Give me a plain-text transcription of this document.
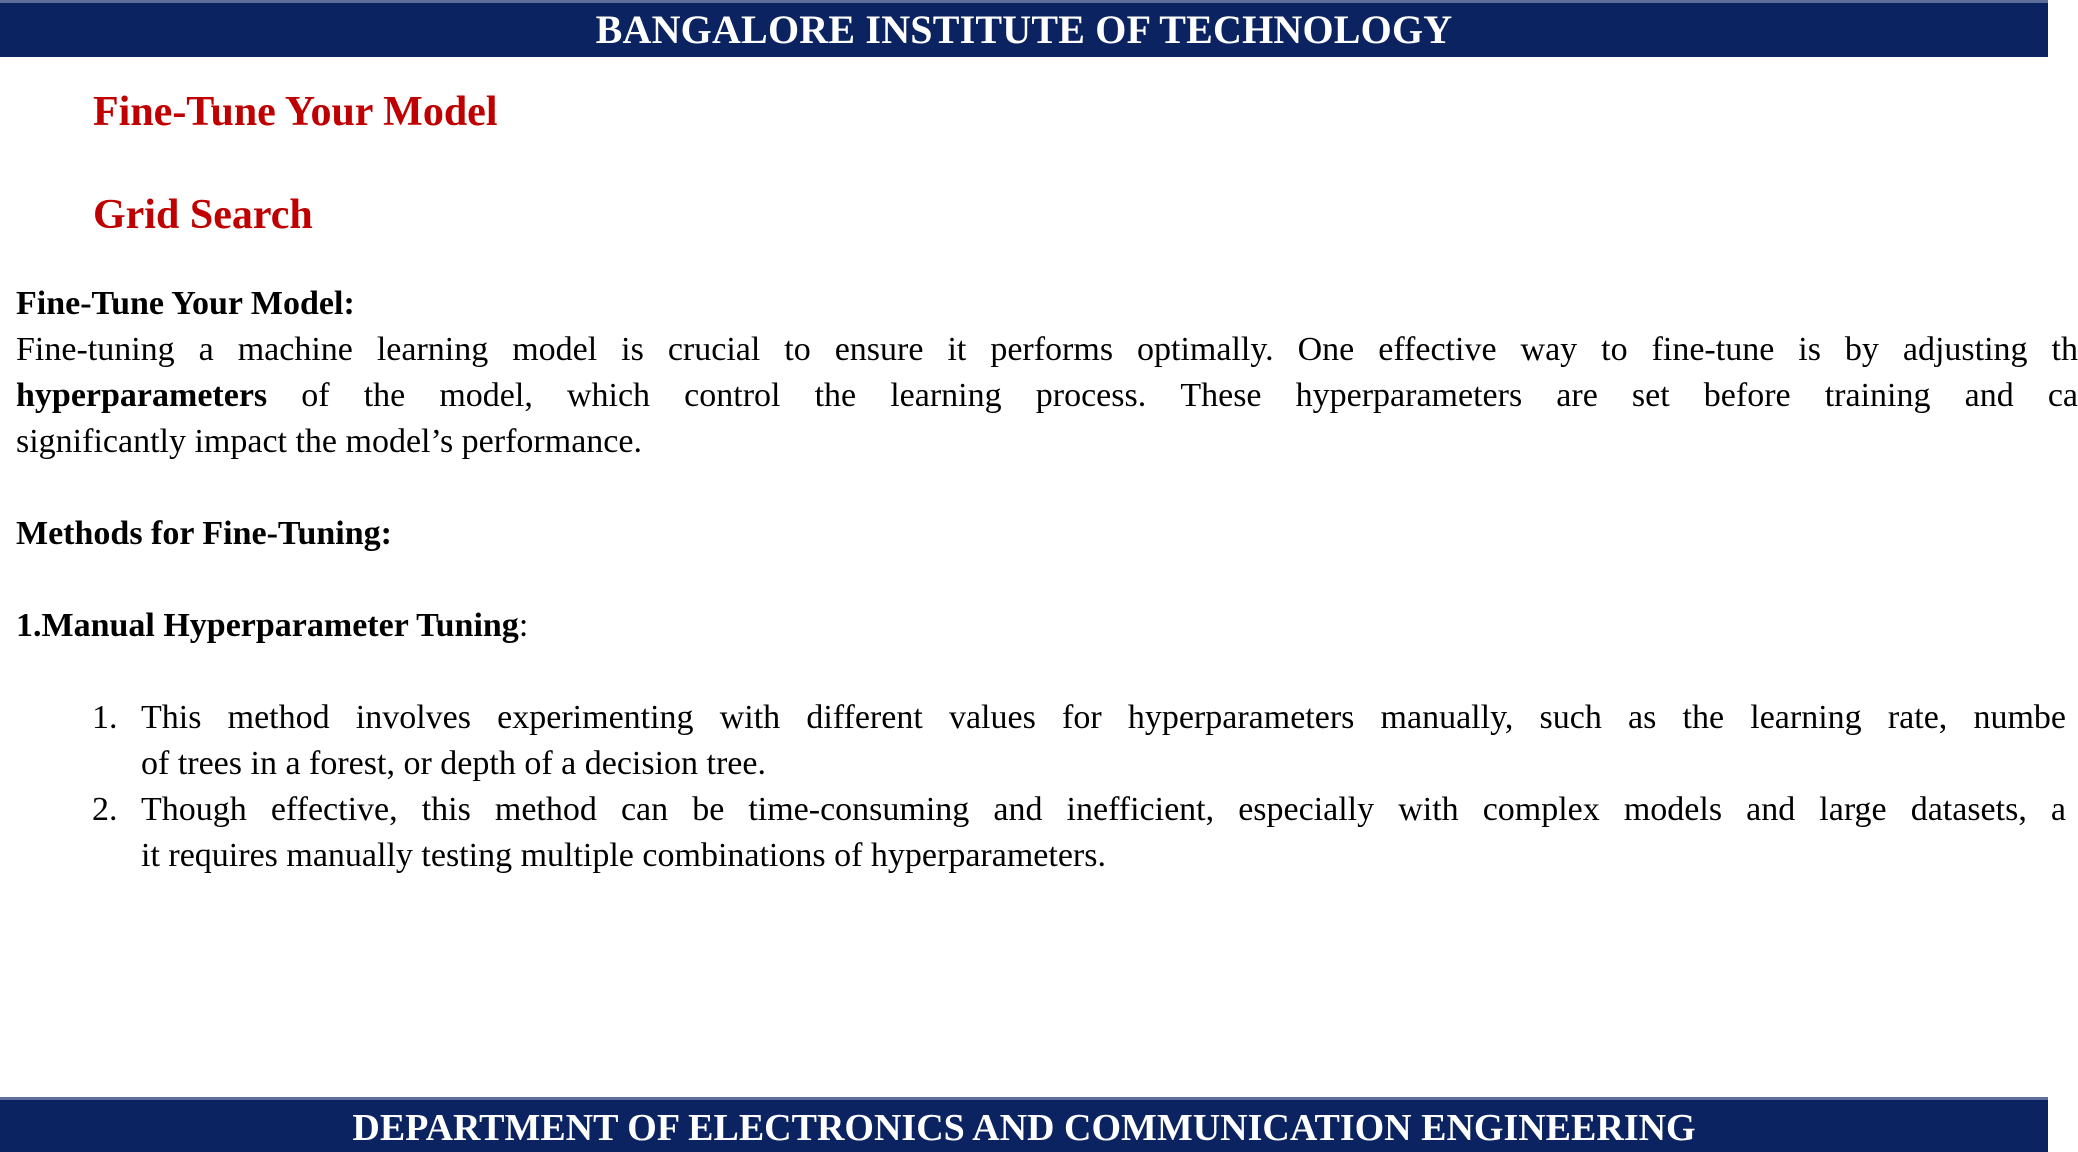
BANGALORE INSTITUTE OF TECHNOLOGY
Fine-Tune Your Model
Grid Search
Fine-Tune Your Model:
Fine-tuning a machine learning model is crucial to ensure it performs optimally. One effective way to fine-tune is by adjusting th
hyperparameters of the model, which control the learning process. These hyperparameters are set before training and ca
significantly impact the model’s performance.
Methods for Fine-Tuning:
1.Manual Hyperparameter Tuning:
1. This method involves experimenting with different values for hyperparameters manually, such as the learning rate, numbe
of trees in a forest, or depth of a decision tree.
2. Though effective, this method can be time-consuming and inefficient, especially with complex models and large datasets, a
it requires manually testing multiple combinations of hyperparameters.
DEPARTMENT OF ELECTRONICS AND COMMUNICATION ENGINEERING
